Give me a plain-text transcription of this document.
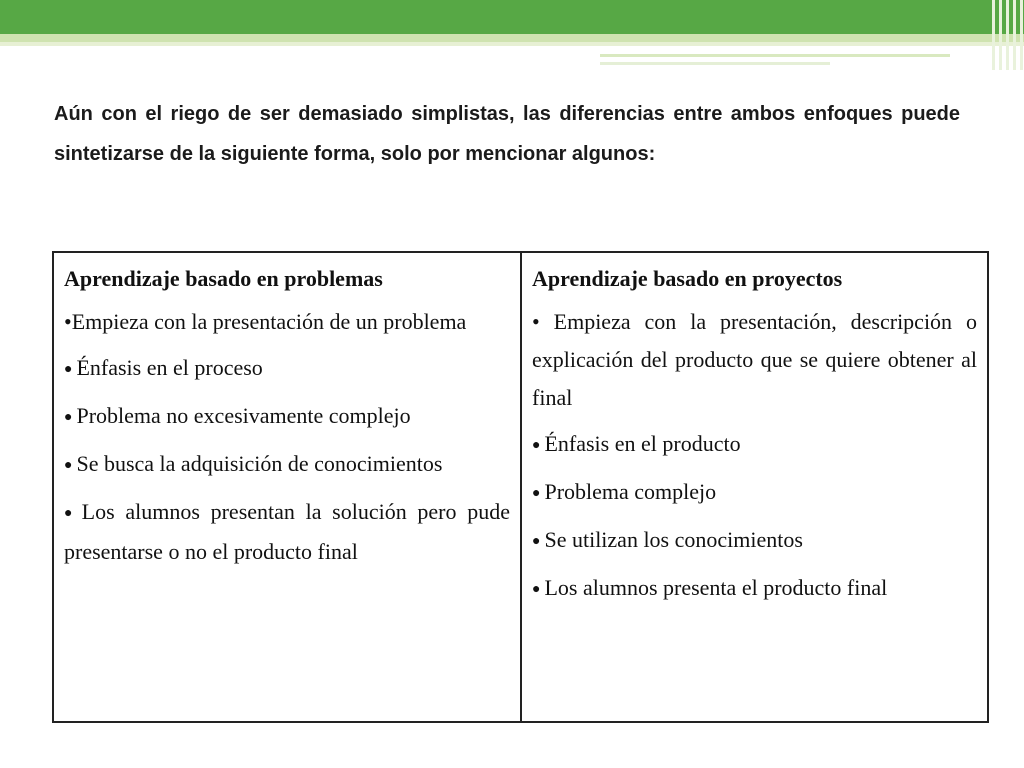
Aún con el riego de ser demasiado simplistas, las diferencias entre ambos enfoques puede sintetizarse de la siguiente forma, solo por mencionar algunos:

Aprendizaje basado en problemas

•Empieza con la presentación de un problema

● Énfasis en el proceso

● Problema no excesivamente complejo

● Se busca la adquisición de conocimientos

● Los alumnos presentan la solución pero pude presentarse o no el producto final

Aprendizaje basado en proyectos

• Empieza con la presentación, descripción o explicación del producto que se quiere obtener al final

● Énfasis en el producto

● Problema complejo

● Se utilizan los conocimientos

● Los alumnos presenta el producto final
